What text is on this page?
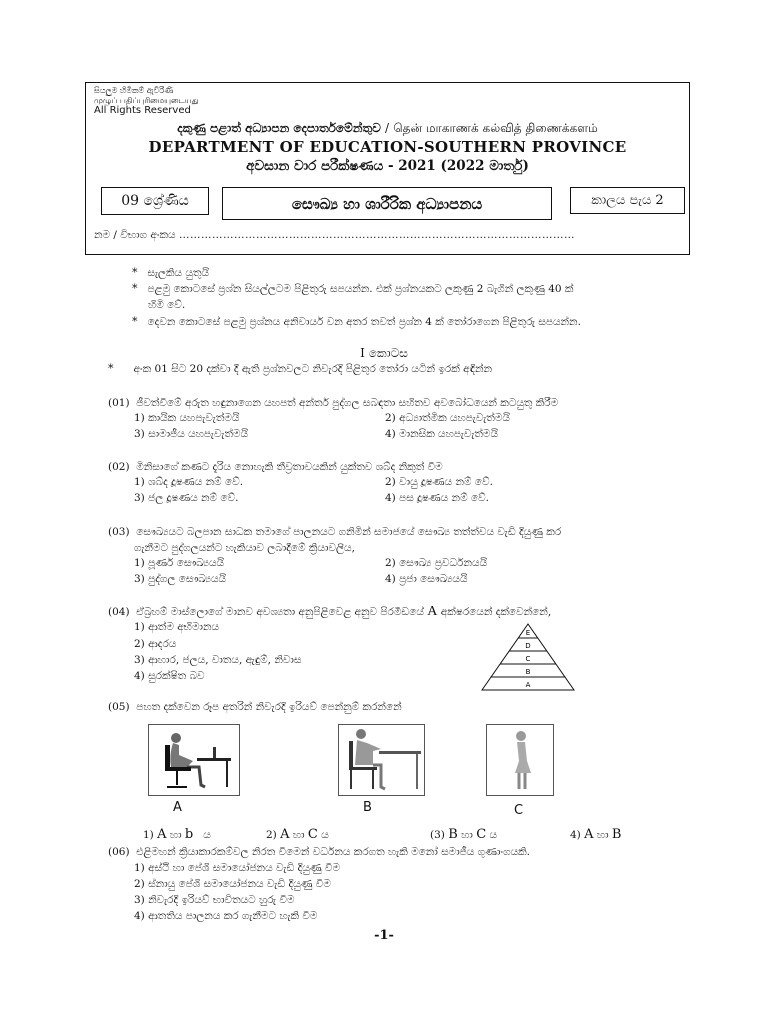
සියලුම හිමිකම් ඇවිරිණි
முழுப் பதிப்புரிமையுடையது
All Rights Reserved
දකුණු පළාත් අධ්‍යාපන දෙපාර්තමේන්තුව / தென் மாகாணக் கல்வித் திணைக்களம்
DEPARTMENT OF EDUCATION-SOUTHERN PROVINCE
අවසාන වාර පරීක්ෂණය - 2021 (2022 මාර්තු)
09 ශ්‍රේණිය	සෞඛ්‍ය හා ශාරීරික අධ්‍යාපනය	කාලය පැය 2
නම / විභාග අංකය ………………………………………………………………………………………………
* සැලකිය යුතුයි
* පළමු කොටසේ ප්‍රශ්න සියල්ලටම පිළිතුරු සපයන්න. එක් ප්‍රශ්නයකට ලකුණු 2 බැගින් ලකුණු 40 ක්
හිමි වේ.
* දෙවන කොටසේ පළමු ප්‍රශ්නය අනිවාර්ය වන අතර තවත් ප්‍රශ්න 4 ක් තෝරාගෙන පිළිතුරු සපයන්න.
I කොටස
* අංක 01 සිට 20 දක්වා දී ඇති ප්‍රශ්නවලට නිවැරදි පිළිතුර තෝරා යටින් ඉරක් අඳින්න
(01) ජීවත්වීමේ අරුත හඳුනාගෙන යහපත් අන්තර් පුද්ගල සබඳතා සහිතව අවබෝධයෙන් කටයුතු කිරීම
1) කායික යහපැවැත්මයි	2) අධ්‍යාත්මික යහපැවැත්මයි
3) සාමාජීය යහපැවැත්මයි	4) මානසික යහපැවැත්මයි
(02) මිනිසාගේ කණට දැරිය නොහැකි තීව්‍රතාවයකින් යුක්තව ශබ්ද නිකුත් වීම
1) ශබ්ද දූෂණය නම් වේ.	2) වායු දූෂණය නම් වේ.
3) ජල දූෂණය නම් වේ.	4) පස දූෂණය නම් වේ.
(03) සෞඛ්‍යයට බලපාන සාධක තමාගේ පාලනයට ගනිමින් සමාජයේ සෞඛ්‍ය තත්ත්වය වැඩි දියුණු කර
ගැනීමට පුද්ගලයන්ට හැකියාව ලබාදීමේ ක්‍රියාවලිය,
1) පූර්ණ සෞඛ්‍යයයි	2) සෞඛ්‍ය ප්‍රවර්ධනයයි
3) පුද්ගල සෞඛ්‍යයයි	4) ප්‍රජා සෞඛ්‍යයයි
(04) ඒබ්‍රහම් මාස්ලොගේ මානව අවශ්‍යතා අනුපිළිවෙළ අනුව පිරමීඩයේ A අක්ෂරයෙන් දක්වෙන්නේ,
1) ආත්ම අභිමානය
2) ආදරය
3) ආහාර, ජලය, වාතය, ඇඳුම්, නිවාස
4) සුරක්ෂිත බව
E
D
C
B
A
(05) පහත දක්වෙන රූප අතරින් නිවැරදි ඉරියව් පෙන්නුම් කරන්නේ
A	B	C
1) A හා b ය	2) A හා C ය	(3) B හා C ය	4) A හා B
(06) එළිමහන් ක්‍රියාකාරකම්වල නිරත වීමෙන් වර්ධනය කරගත හැකි මනෝ සමාජීය ගුණාංගයකි.
1) අස්ථි හා පේශි සමායෝජනය වැඩි දියුණු වීම
2) ස්නායු පේශි සමායෝජනය වැඩි දියුණු වීම
3) නිවැරදි ඉරියව් භාවිතයට හුරු වීම
4) ආතතිය පාලනය කර ගැනීමට හැකි වීම
-1-
